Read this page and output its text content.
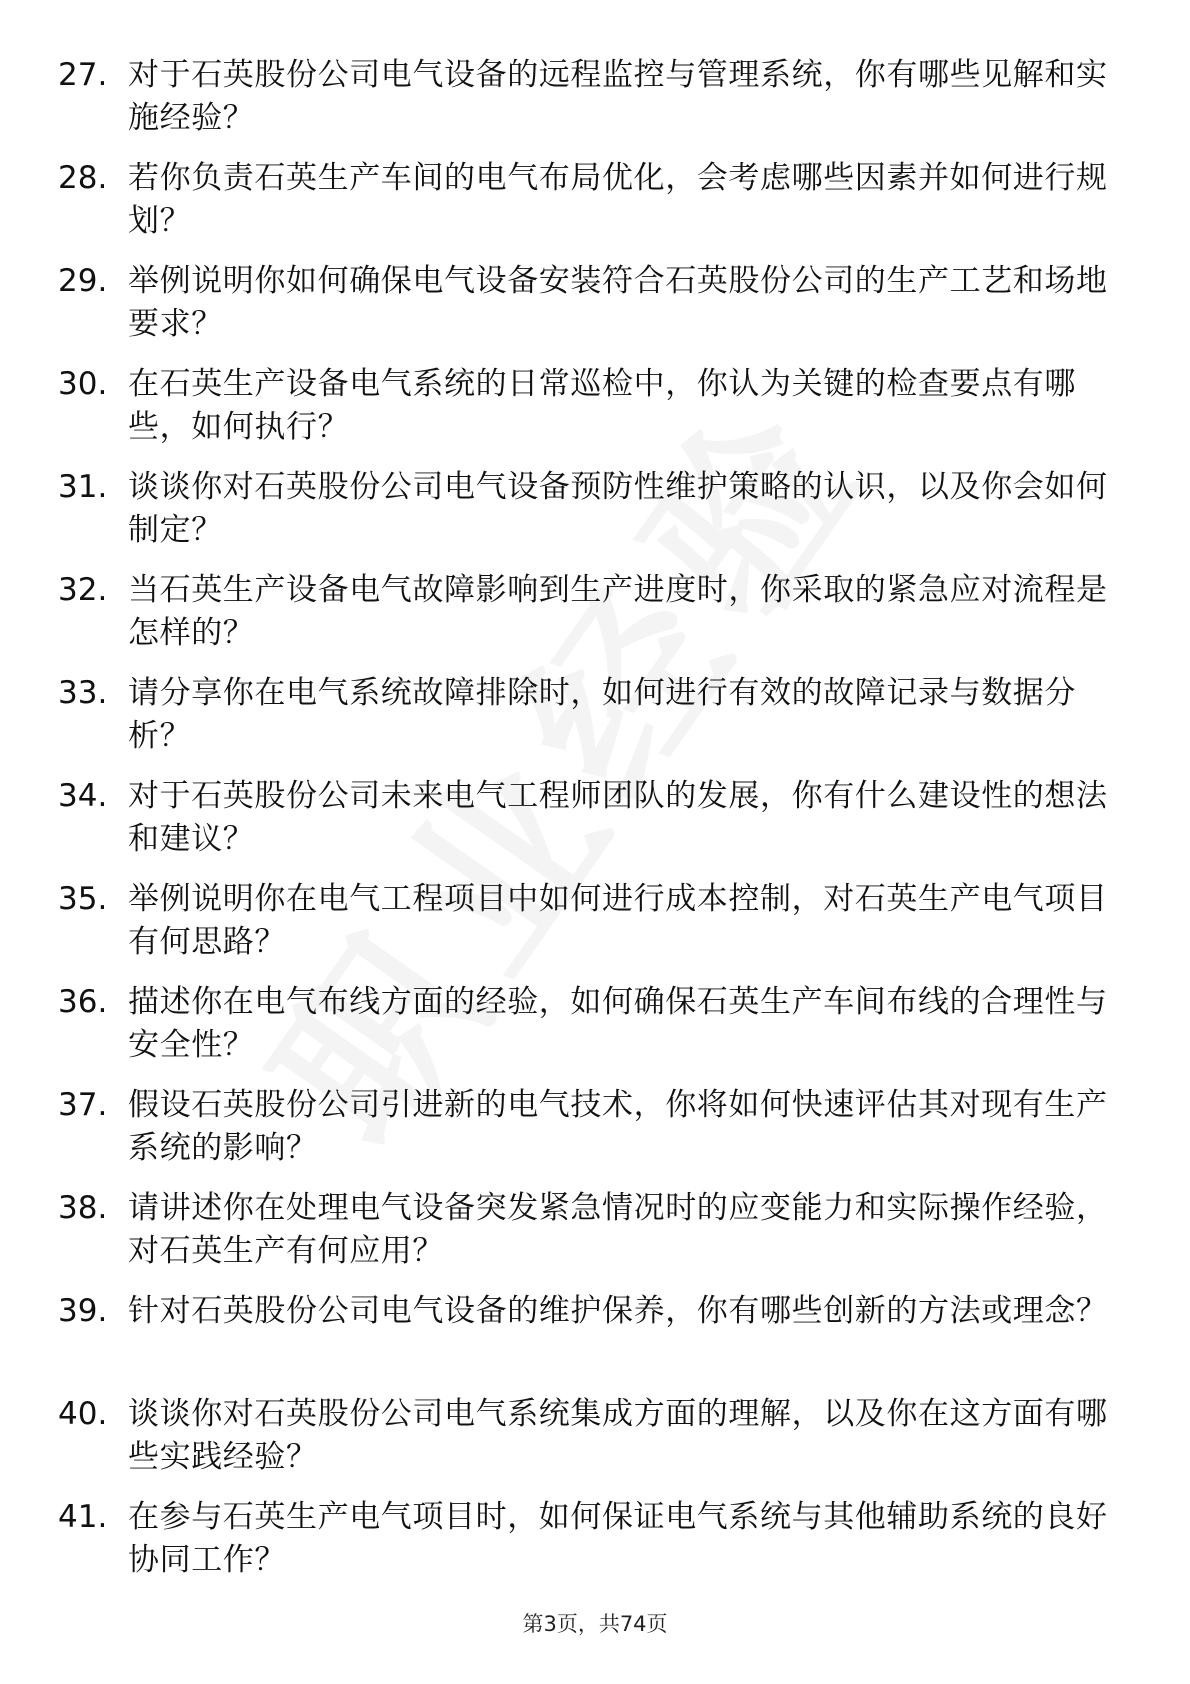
27. 对于石英股份公司电气设备的远程监控与管理系统，你有哪些见解和实施经验？
28. 若你负责石英生产车间的电气布局优化，会考虑哪些因素并如何进行规划？
29. 举例说明你如何确保电气设备安装符合石英股份公司的生产工艺和场地要求？
30. 在石英生产设备电气系统的日常巡检中，你认为关键的检查要点有哪些，如何执行？
31. 谈谈你对石英股份公司电气设备预防性维护策略的认识，以及你会如何制定？
32. 当石英生产设备电气故障影响到生产进度时，你采取的紧急应对流程是怎样的？
33. 请分享你在电气系统故障排除时，如何进行有效的故障记录与数据分析？
34. 对于石英股份公司未来电气工程师团队的发展，你有什么建设性的想法和建议？
35. 举例说明你在电气工程项目中如何进行成本控制，对石英生产电气项目有何思路？
36. 描述你在电气布线方面的经验，如何确保石英生产车间布线的合理性与安全性？
37. 假设石英股份公司引进新的电气技术，你将如何快速评估其对现有生产系统的影响？
38. 请讲述你在处理电气设备突发紧急情况时的应变能力和实际操作经验，对石英生产有何应用？
39. 针对石英股份公司电气设备的维护保养，你有哪些创新的方法或理念？
40. 谈谈你对石英股份公司电气系统集成方面的理解，以及你在这方面有哪些实践经验？
41. 在参与石英生产电气项目时，如何保证电气系统与其他辅助系统的良好协同工作？
第3页，共74页
